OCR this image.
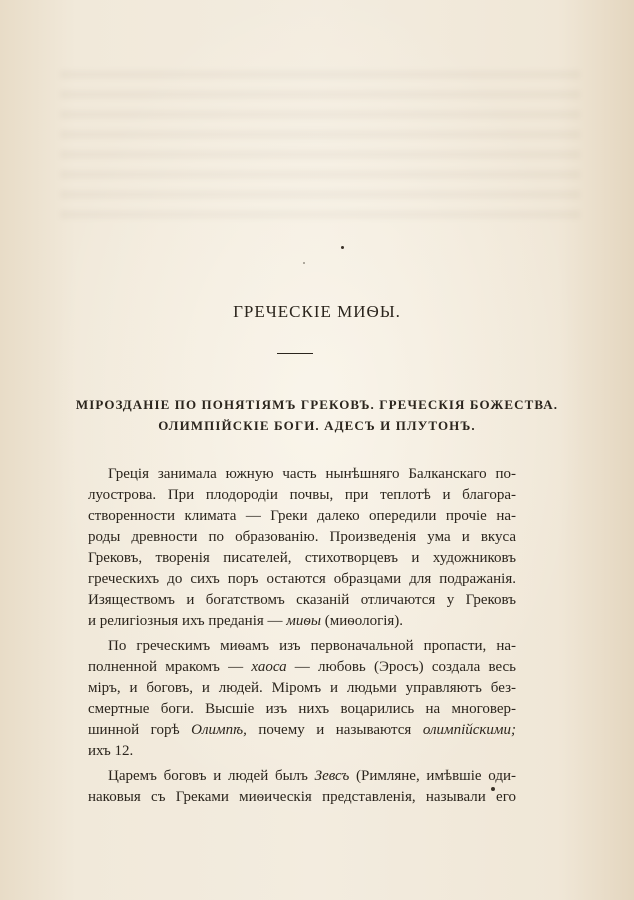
ГРЕЧЕСКIЕ МИѲЫ.
МIРОЗДАНIЕ ПО ПОНЯТIЯМЪ ГРЕКОВЪ. ГРЕЧЕСКIЯ БОЖЕСТВА.
ОЛИМПIЙСКIЕ БОГИ. АДЕСЪ И ПЛУТОНЪ.
Грецiя занимала южную часть нынѣшняго Балканскаго по-
луострова. При плодородiи почвы, при теплотѣ и благора-
створенности климата — Греки далеко опередили прочiе на-
роды древности по образованiю. Произведенiя ума и вкуса
Грековъ, творенiя писателей, стихотворцевъ и художниковъ
греческихъ до сихъ поръ остаются образцами для подражанiя.
Изяществомъ и богатствомъ сказанiй отличаются у Грековъ
и религiозныя ихъ преданiя — миѳы (миѳологiя).
По греческимъ миѳамъ изъ первоначальной пропасти, на-
полненной мракомъ — хаоса — любовь (Эросъ) создала весь
мiръ, и боговъ, и людей. Мiромъ и людьми управляютъ без-
смертные боги. Высшiе изъ нихъ воцарились на многовер-
шинной горѣ Олимпѣ, почему и называются олимпiйскими;
ихъ 12.
Царемъ боговъ и людей былъ Зевсъ (Римляне, имѣвшiе оди-
наковыя съ Греками миѳическiя представленiя, называли его
